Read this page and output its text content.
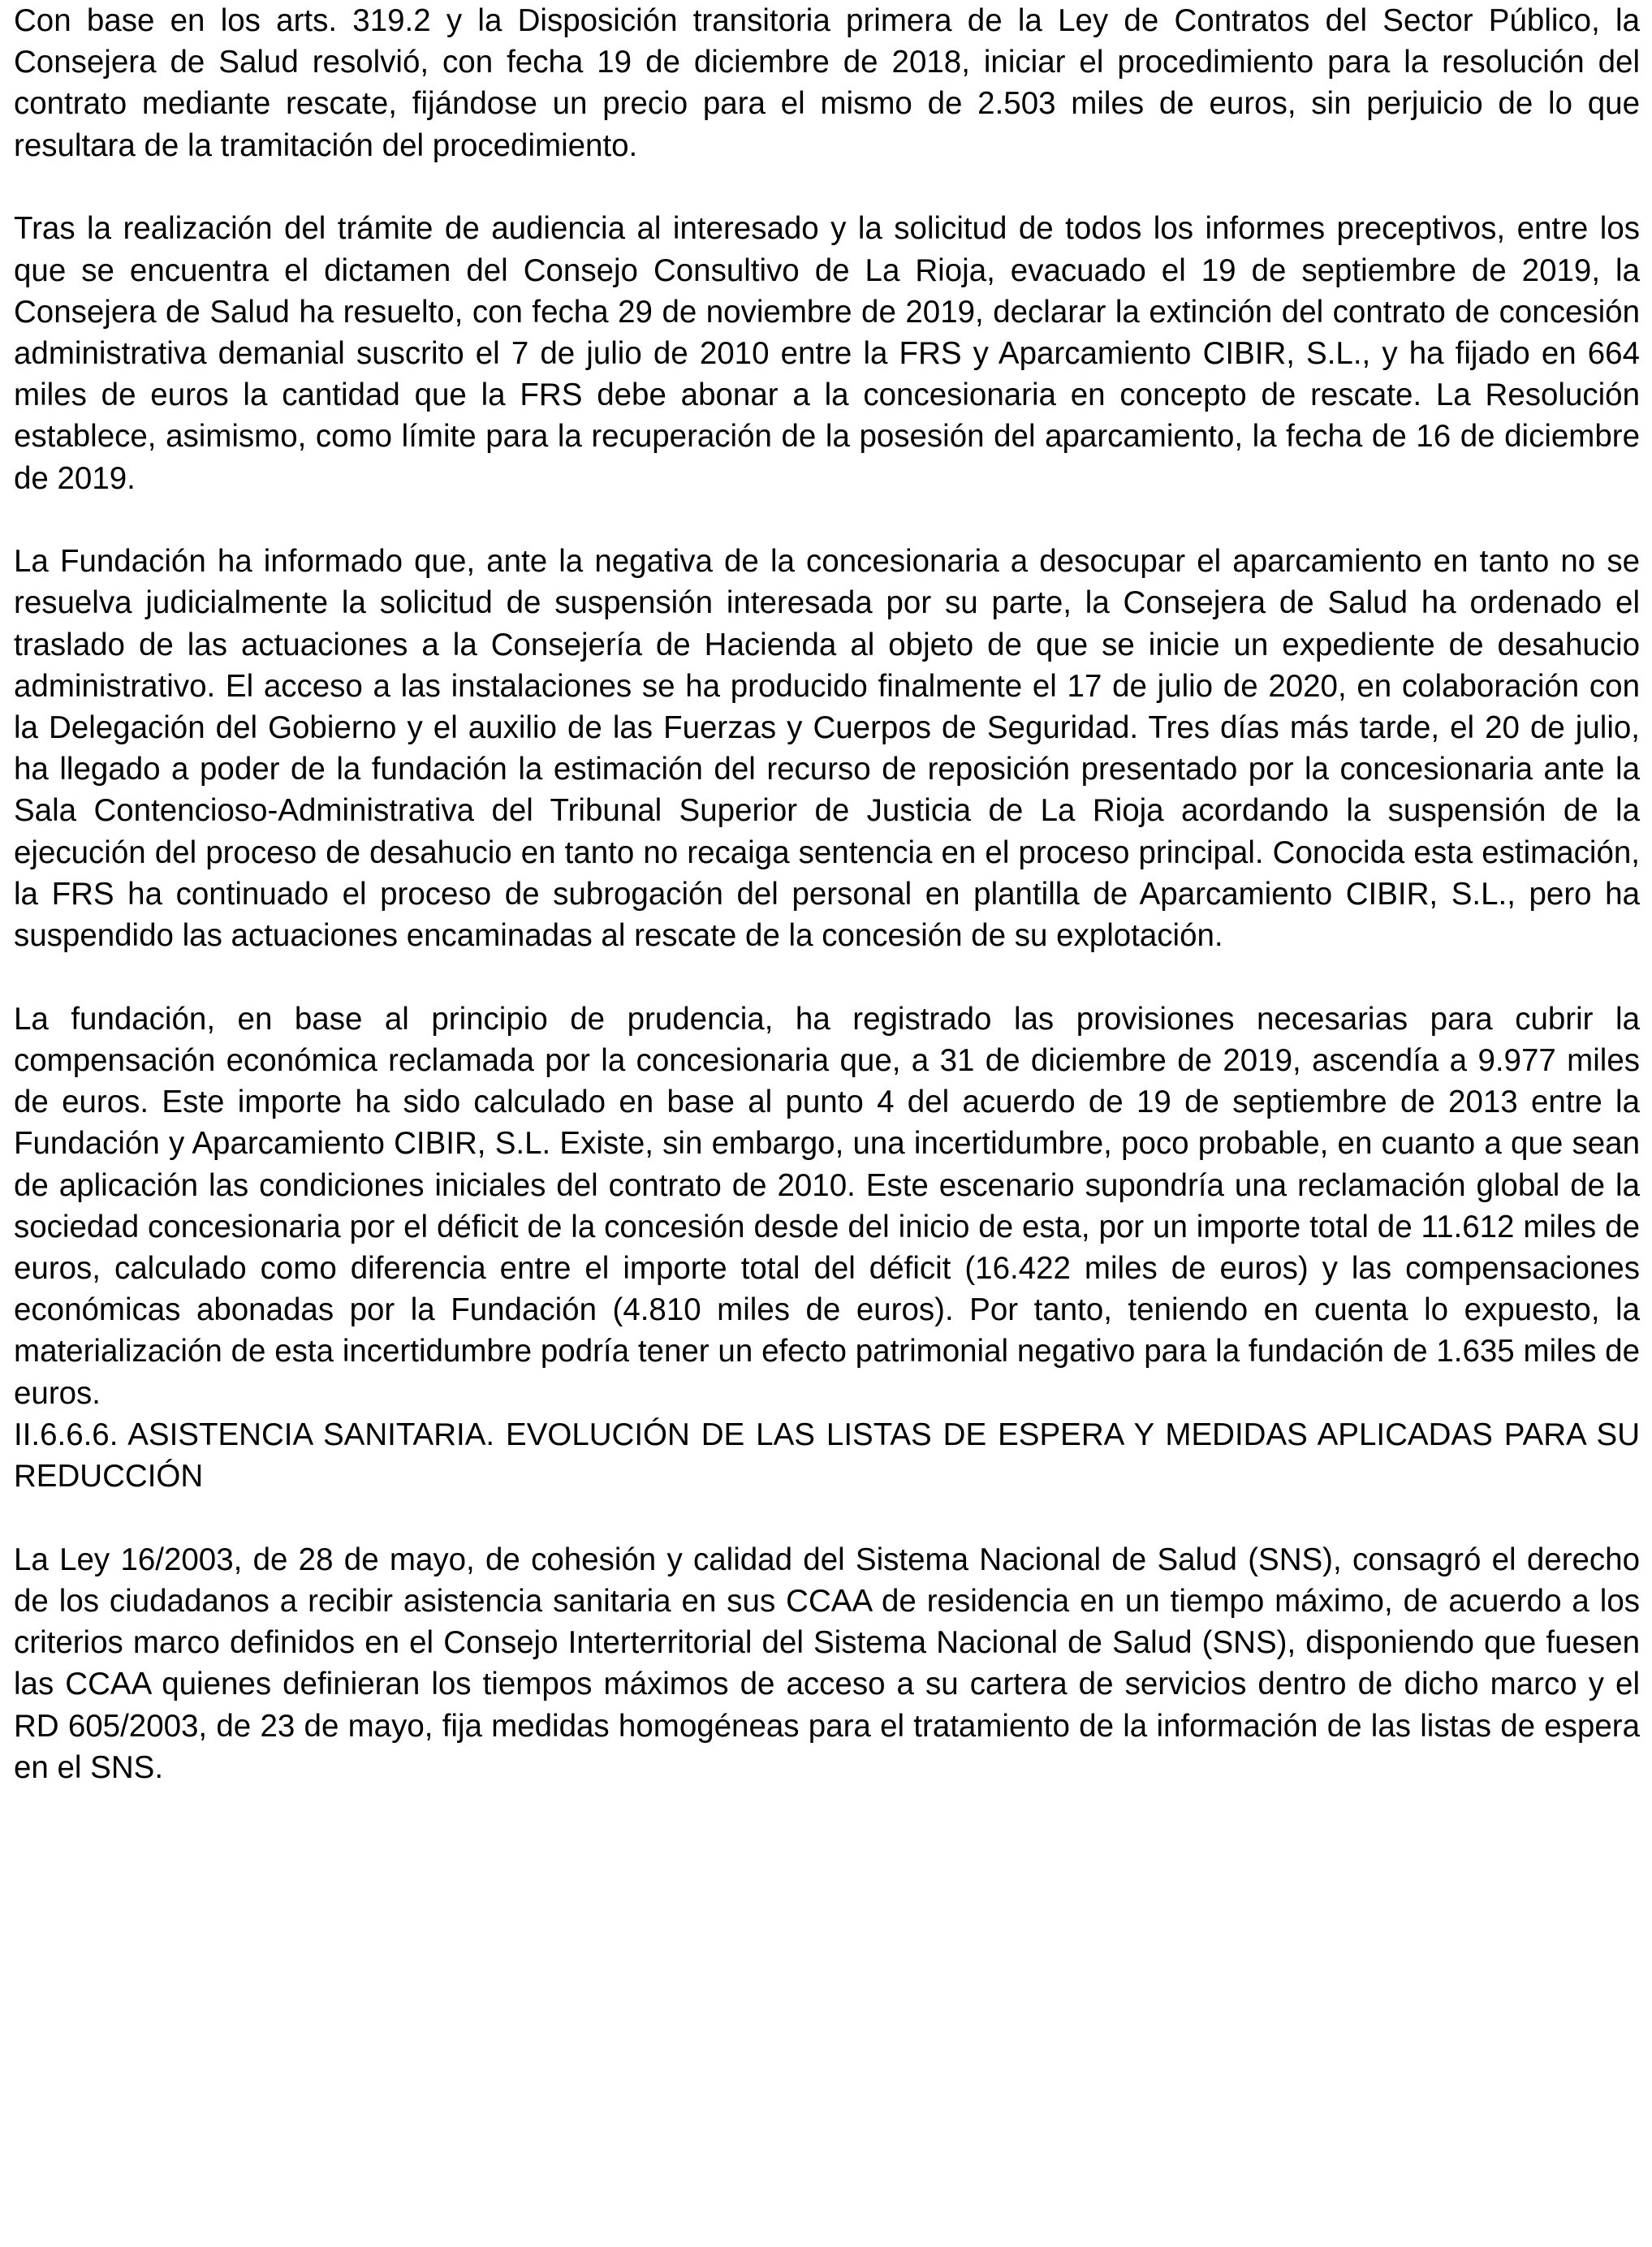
Con base en los arts. 319.2 y la Disposición transitoria primera de la Ley de Contratos del Sector Público, la Consejera de Salud resolvió, con fecha 19 de diciembre de 2018, iniciar el procedimiento para la resolución del contrato mediante rescate, fijándose un precio para el mismo de 2.503 miles de euros, sin perjuicio de lo que resultara de la tramitación del procedimiento.

Tras la realización del trámite de audiencia al interesado y la solicitud de todos los informes preceptivos, entre los que se encuentra el dictamen del Consejo Consultivo de La Rioja, evacuado el 19 de septiembre de 2019, la Consejera de Salud ha resuelto, con fecha 29 de noviembre de 2019, declarar la extinción del contrato de concesión administrativa demanial suscrito el 7 de julio de 2010 entre la FRS y Aparcamiento CIBIR, S.L., y ha fijado en 664 miles de euros la cantidad que la FRS debe abonar a la concesionaria en concepto de rescate. La Resolución establece, asimismo, como límite para la recuperación de la posesión del aparcamiento, la fecha de 16 de diciembre de 2019.

La Fundación ha informado que, ante la negativa de la concesionaria a desocupar el aparcamiento en tanto no se resuelva judicialmente la solicitud de suspensión interesada por su parte, la Consejera de Salud ha ordenado el traslado de las actuaciones a la Consejería de Hacienda al objeto de que se inicie un expediente de desahucio administrativo. El acceso a las instalaciones se ha producido finalmente el 17 de julio de 2020, en colaboración con la Delegación del Gobierno y el auxilio de las Fuerzas y Cuerpos de Seguridad. Tres días más tarde, el 20 de julio, ha llegado a poder de la fundación la estimación del recurso de reposición presentado por la concesionaria ante la Sala Contencioso-Administrativa del Tribunal Superior de Justicia de La Rioja acordando la suspensión de la ejecución del proceso de desahucio en tanto no recaiga sentencia en el proceso principal. Conocida esta estimación, la FRS ha continuado el proceso de subrogación del personal en plantilla de Aparcamiento CIBIR, S.L., pero ha suspendido las actuaciones encaminadas al rescate de la concesión de su explotación.

La fundación, en base al principio de prudencia, ha registrado las provisiones necesarias para cubrir la compensación económica reclamada por la concesionaria que, a 31 de diciembre de 2019, ascendía a 9.977 miles de euros. Este importe ha sido calculado en base al punto 4 del acuerdo de 19 de septiembre de 2013 entre la Fundación y Aparcamiento CIBIR, S.L. Existe, sin embargo, una incertidumbre, poco probable, en cuanto a que sean de aplicación las condiciones iniciales del contrato de 2010. Este escenario supondría una reclamación global de la sociedad concesionaria por el déficit de la concesión desde del inicio de esta, por un importe total de 11.612 miles de euros, calculado como diferencia entre el importe total del déficit (16.422 miles de euros) y las compensaciones económicas abonadas por la Fundación (4.810 miles de euros). Por tanto, teniendo en cuenta lo expuesto, la materialización de esta incertidumbre podría tener un efecto patrimonial negativo para la fundación de 1.635 miles de euros.

II.6.6.6. ASISTENCIA SANITARIA. EVOLUCIÓN DE LAS LISTAS DE ESPERA Y MEDIDAS APLICADAS PARA SU REDUCCIÓN

La Ley 16/2003, de 28 de mayo, de cohesión y calidad del Sistema Nacional de Salud (SNS), consagró el derecho de los ciudadanos a recibir asistencia sanitaria en sus CCAA de residencia en un tiempo máximo, de acuerdo a los criterios marco definidos en el Consejo Interterritorial del Sistema Nacional de Salud (SNS), disponiendo que fuesen las CCAA quienes definieran los tiempos máximos de acceso a su cartera de servicios dentro de dicho marco y el RD 605/2003, de 23 de mayo, fija medidas homogéneas para el tratamiento de la información de las listas de espera en el SNS.
